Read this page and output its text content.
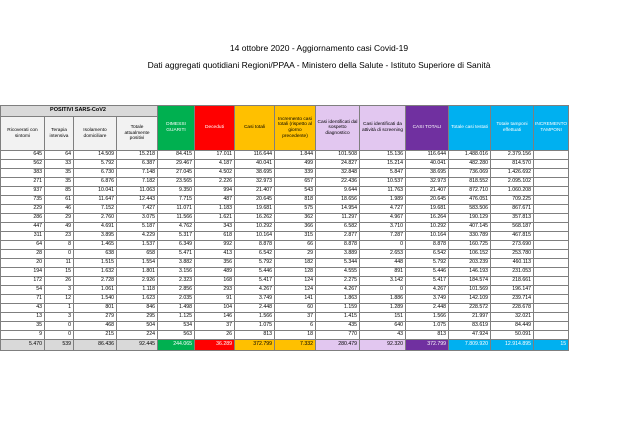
14 ottobre 2020 - Aggiornamento casi Covid-19
Dati aggregati quotidiani Regioni/PPAA - Ministero della Salute - Istituto Superiore di Sanità
POSITIVI SARS-CoV2				DIMESSI GUARITI	Deceduti	Casi totali	Incremento casi totali (rispetto al giorno precedente)	Casi identificati dal sospetto diagnostico	Casi identificati da attività di screening	CASI TOTALI	Totale casi testati	Totale tamponi effettuati	INCREMENTO TAMPONI
Ricoverati con sintomi	Terapia intensiva	Isolamento domiciliare	Totale attualmente positivi										
645	64	14.509	15.218	84.415	17.011	116.644	1.844	101.508	15.136	116.644	1.488.016	2.379.156	
562	33	5.792	6.387	29.467	4.187	40.041	499	24.827	15.214	40.041	482.280	814.570	
383	35	6.730	7.148	27.045	4.502	38.695	339	32.848	5.847	38.695	736.069	1.426.692	
271	35	6.876	7.182	23.565	2.226	32.973	657	22.436	10.537	32.973	818.552	2.095.102	
937	85	10.041	11.063	9.350	994	21.407	543	9.644	11.763	21.407	872.710	1.060.208	
735	61	11.647	12.443	7.715	487	20.645	818	18.656	1.989	20.645	476.051	709.225	
229	46	7.152	7.427	11.071	1.183	19.681	575	14.954	4.727	19.681	583.506	867.671	
286	29	2.760	3.075	11.566	1.621	16.262	362	11.297	4.967	16.264	190.129	357.813	
447	49	4.691	5.187	4.762	343	10.292	366	6.582	3.710	10.292	407.145	568.187	
311	23	3.895	4.229	5.317	618	10.164	315	2.877	7.287	10.164	330.789	467.815	
64	8	1.465	1.537	6.349	992	8.878	66	8.878	0	8.878	160.725	273.690	
28	0	638	658	5.471	413	6.542	29	3.889	2.653	6.542	106.152	253.780	
20	11	1.515	1.554	3.882	356	5.792	182	5.344	448	5.792	203.239	460.113	
194	15	1.632	1.801	3.156	489	5.446	128	4.555	891	5.446	146.193	231.053	
172	26	2.728	2.926	2.323	168	5.417	124	2.275	3.142	5.417	184.574	218.661	
54	3	1.061	1.118	2.856	293	4.267	124	4.267	0	4.267	101.569	196.147	
71	12	1.540	1.623	2.035	91	3.749	141	1.863	1.886	3.749	142.109	239.714	
43	1	801	846	1.498	104	2.448	60	1.159	1.289	2.448	228.572	228.678	
13	3	279	295	1.125	146	1.566	37	1.415	151	1.566	21.997	32.021	
35	0	468	504	534	37	1.075	6	435	640	1.075	83.619	84.449	
9	0	215	224	563	26	813	18	770	43	813	47.924	50.091	
5.470	539	86.436	92.445	244.065	36.289	372.799	7.332	280.479	92.320	372.799	7.809.920	12.914.895	15
